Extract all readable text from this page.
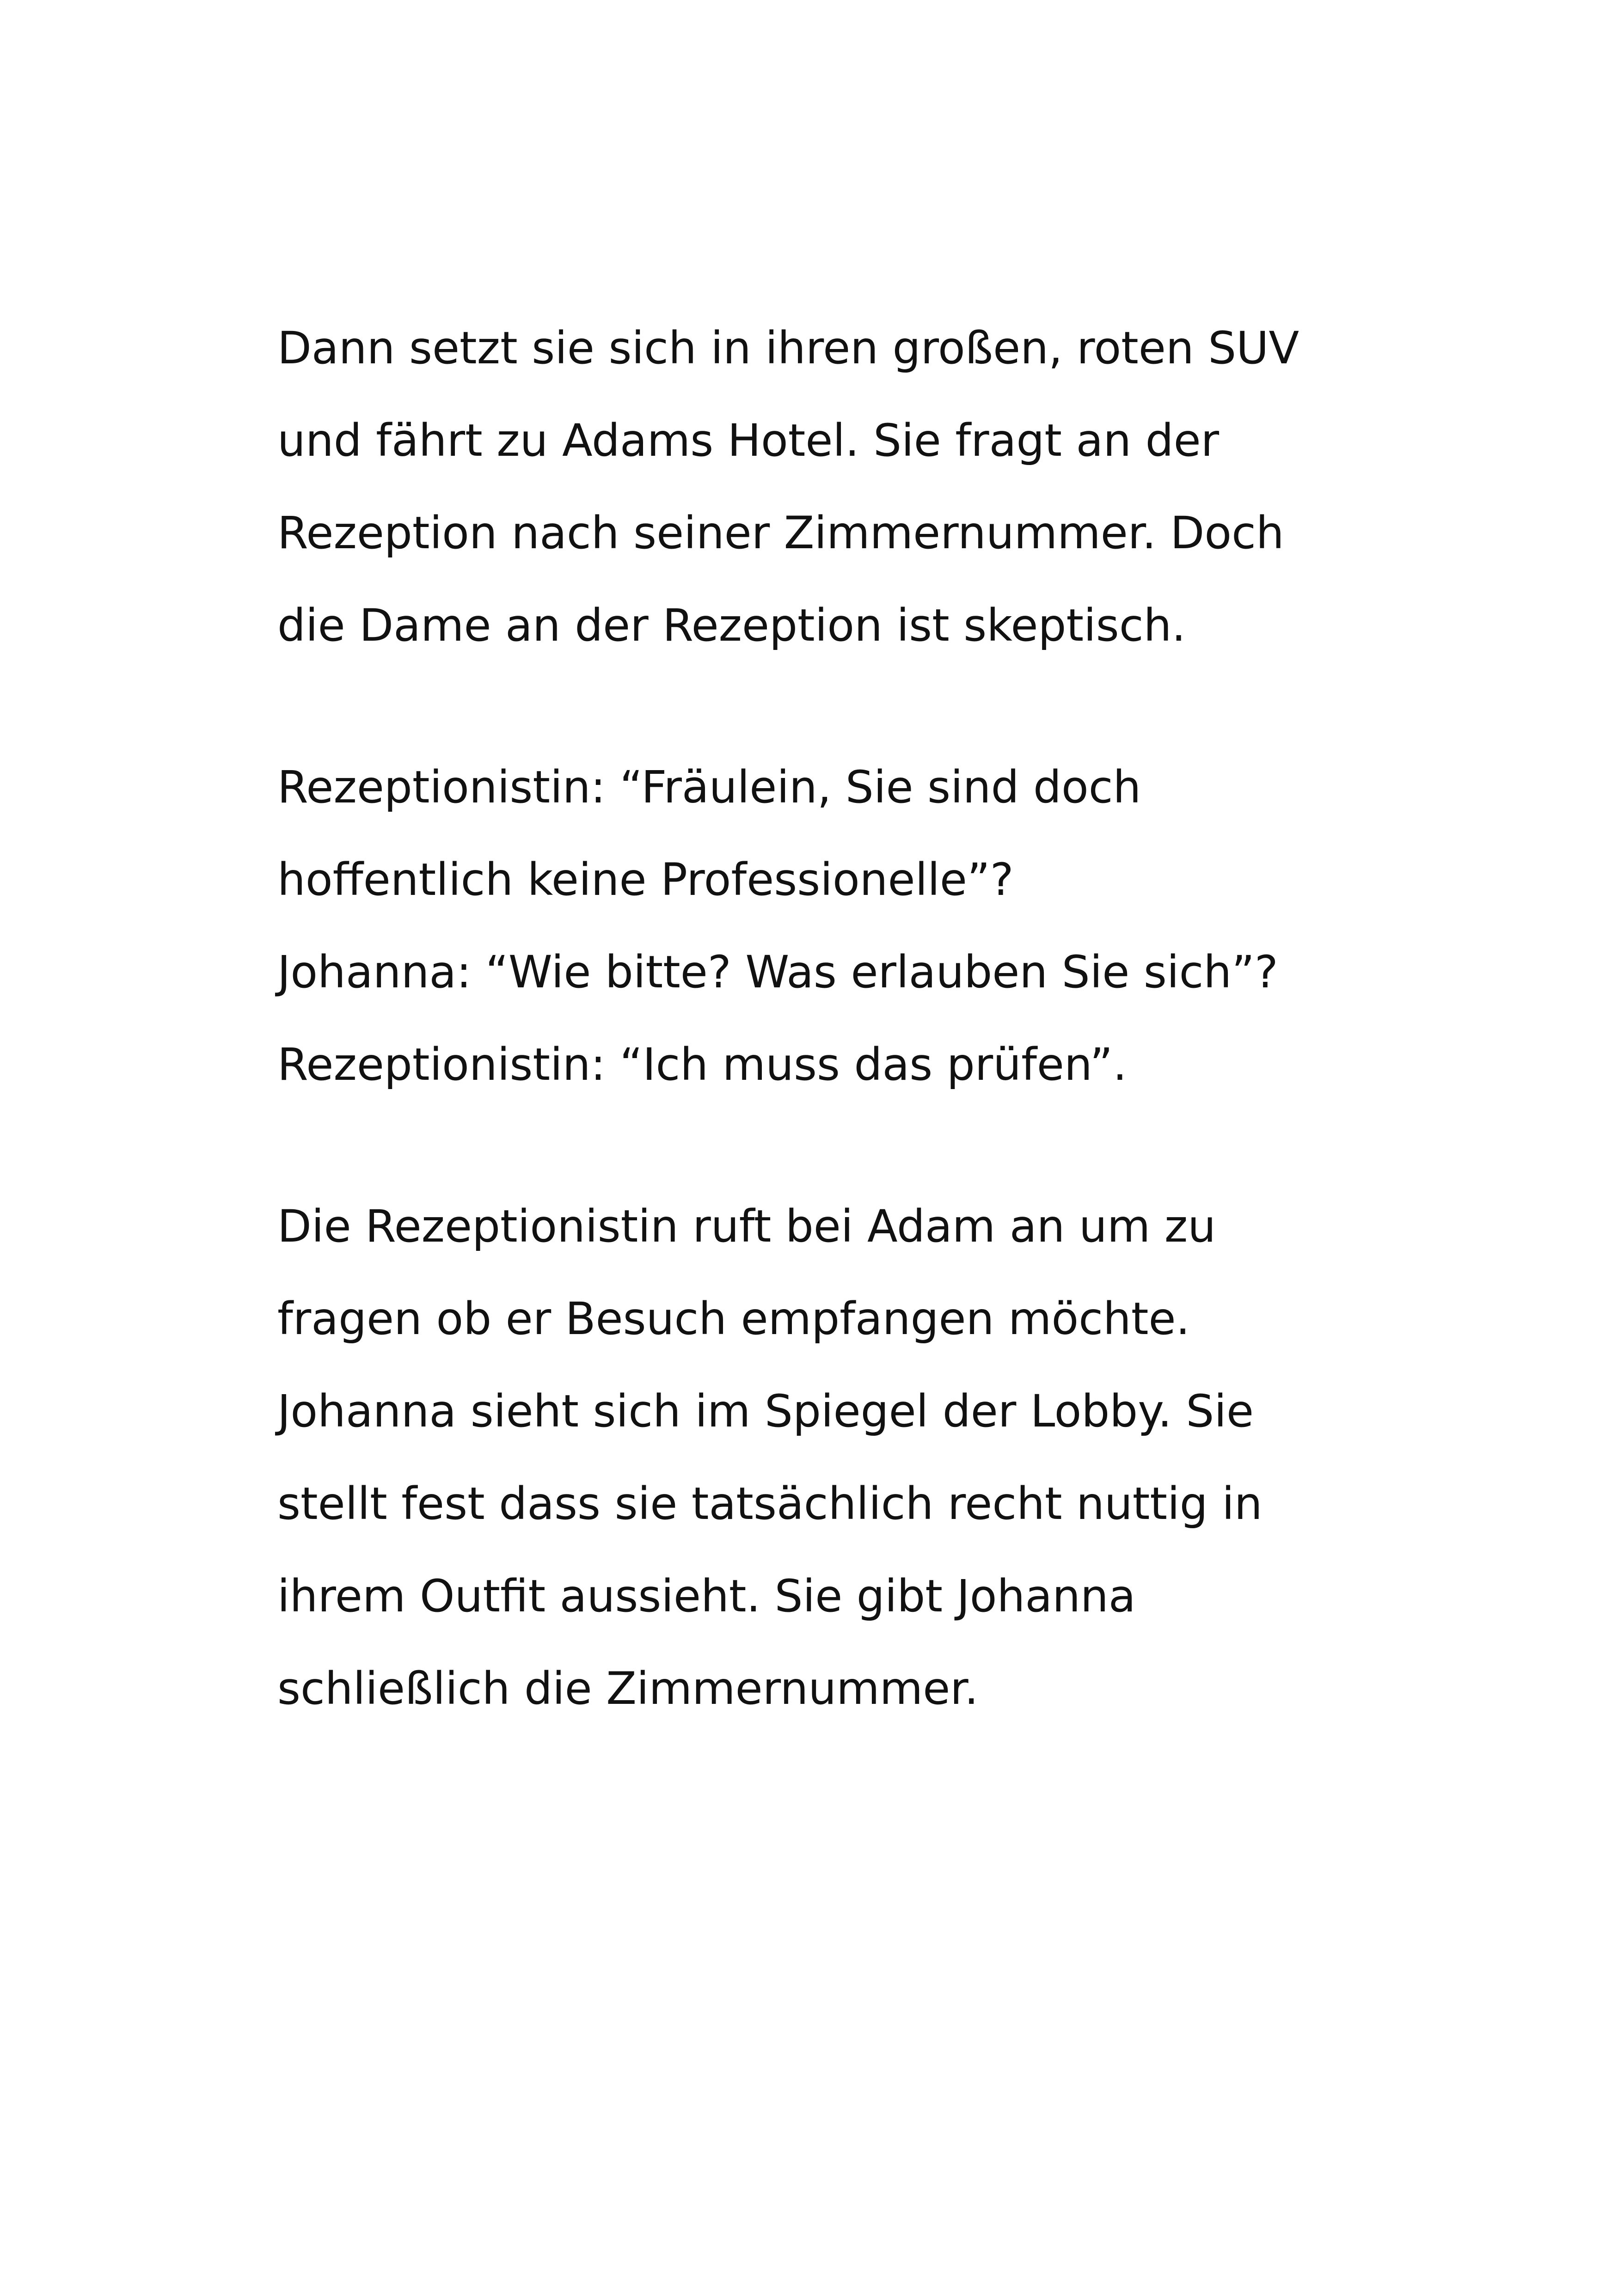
Dann setzt sie sich in ihren großen, roten SUV
und fährt zu Adams Hotel. Sie fragt an der
Rezeption nach seiner Zimmernummer. Doch
die Dame an der Rezeption ist skeptisch.
Rezeptionistin: “Fräulein, Sie sind doch
hoffentlich keine Professionelle”?
Johanna: “Wie bitte? Was erlauben Sie sich”?
Rezeptionistin: “Ich muss das prüfen”.
Die Rezeptionistin ruft bei Adam an um zu
fragen ob er Besuch empfangen möchte.
Johanna sieht sich im Spiegel der Lobby. Sie
stellt fest dass sie tatsächlich recht nuttig in
ihrem Outfit aussieht. Sie gibt Johanna
schließlich die Zimmernummer.
